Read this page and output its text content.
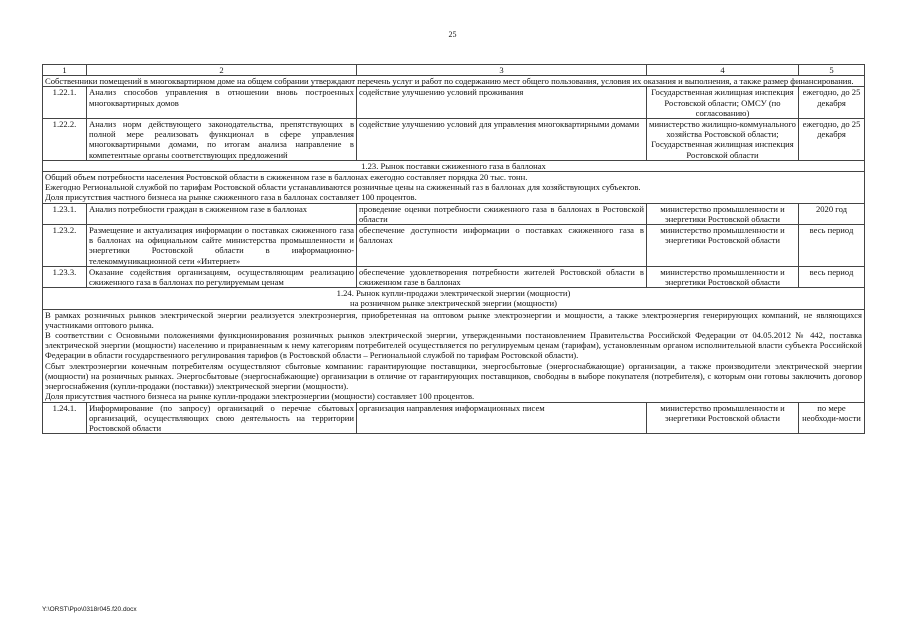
25
1	2	3	4	5
Собственники помещений в многоквартирном доме на общем собрании утверждают перечень услуг и работ по содержанию мест общего пользования, условия их оказания и выполнения, а также размер финансирования.				
1.22.1.	Анализ способов управления в отношении вновь построенных многоквартирных домов	содействие улучшению условий проживания	Государственная жилищная инспекция Ростовской области; ОМСУ (по согласованию)	ежегодно, до 25 декабря
1.22.2.	Анализ норм действующего законодательства, препятствующих в полной мере реализовать функционал в сфере управления многоквартирными домами, по итогам анализа направление в компетентные органы соответствующих предложений	содействие улучшению условий для управления многоквартирными домами	министерство жилищно-коммунального хозяйства Ростовской области; Государственная жилищная инспекция Ростовской области	ежегодно, до 25 декабря
1.23. Рынок поставки сжиженного газа в баллонах				

Общий объем потребности населения Ростовской области в сжиженном газе в баллонах ежегодно составляет порядка 20 тыс. тонн.

Ежегодно Региональной службой по тарифам Ростовской области устанавливаются розничные цены на сжиженный газ в баллонах для хозяйствующих субъектов.

Доля присутствия частного бизнеса на рынке сжиженного газа в баллонах составляет 100 процентов.				

1.23.1.	Анализ потребности граждан в сжиженном газе в баллонах	проведение оценки потребности сжиженного газа в баллонах в Ростовской области	министерство промышленности и энергетики Ростовской области	2020 год
1.23.2.	Размещение и актуализация информации о поставках сжиженного газа в баллонах на официальном сайте министерства промышленности и энергетики Ростовской области в информационно-телекоммуникационной сети «Интернет»	обеспечение доступности информации о поставках сжиженного газа в баллонах	министерство промышленности и энергетики Ростовской области	весь период
1.23.3.	Оказание содействия организациям, осуществляющим реализацию сжиженного газа в баллонах по регулируемым ценам	обеспечение удовлетворения потребности жителей Ростовской области в сжиженном газе в баллонах	министерство промышленности и энергетики Ростовской области	весь период

1.24. Рынок купли-продажи электрической энергии (мощности)

на розничном рынке электрической энергии (мощности)				

В рамках розничных рынков электрической энергии реализуется электроэнергия, приобретенная на оптовом рынке электроэнергии и мощности, а также электроэнергия генерирующих компаний, не являющихся участниками оптового рынка.

В соответствии с Основными положениями функционирования розничных рынков электрической энергии, утвержденными постановлением Правительства Российской Федерации от 04.05.2012 № 442, поставка электрической энергии (мощности) населению и приравненным к нему категориям потребителей осуществляется по регулируемым ценам (тарифам), установленным органом исполнительной власти субъекта Российской Федерации в области государственного регулирования тарифов (в Ростовской области – Региональной службой по тарифам Ростовской области).

Сбыт электроэнергии конечным потребителям осуществляют сбытовые компании: гарантирующие поставщики, энергосбытовые (энергоснабжающие) организации, а также производители электрической энергии (мощности) на розничных рынках. Энергосбытовые (энергоснабжающие) организации в отличие от гарантирующих поставщиков, свободны в выборе покупателя (потребителя), с которым они готовы заключить договор энергоснабжения (купли-продажи (поставки)) электрической энергии (мощности).

Доля присутствия частного бизнеса на рынке купли-продажи электроэнергии (мощности) составляет 100 процентов.				

1.24.1.	Информирование (по запросу) организаций о перечне сбытовых организаций, осуществляющих свою деятельность на территории Ростовской области	организация направления информационных писем	министерство промышленности и энергетики Ростовской области	по мере необходи-мости
Y:\ORST\Ppo\0318r045.f20.docx
